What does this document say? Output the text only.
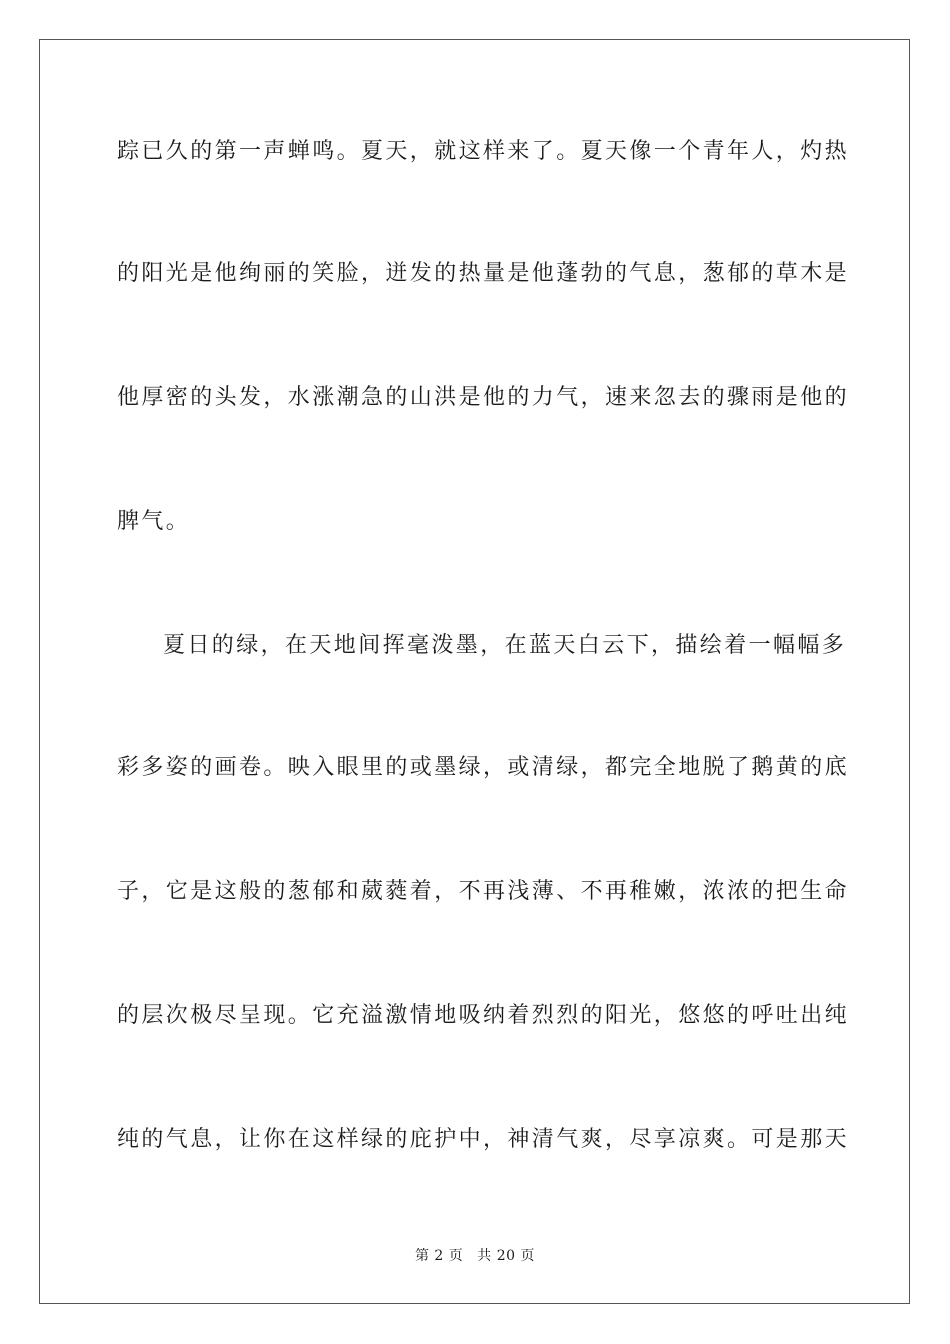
踪已久的第一声蝉鸣。夏天，就这样来了。夏天像一个青年人，灼热
的阳光是他绚丽的笑脸，迸发的热量是他蓬勃的气息，葱郁的草木是
他厚密的头发，水涨潮急的山洪是他的力气，速来忽去的骤雨是他的
脾气。
夏日的绿，在天地间挥毫泼墨，在蓝天白云下，描绘着一幅幅多
彩多姿的画卷。映入眼里的或墨绿，或清绿，都完全地脱了鹅黄的底
子，它是这般的葱郁和葳蕤着，不再浅薄、不再稚嫩，浓浓的把生命
的层次极尽呈现。它充溢激情地吸纳着烈烈的阳光，悠悠的呼吐出纯
纯的气息，让你在这样绿的庇护中，神清气爽，尽享凉爽。可是那天
第 2 页 共 20 页
